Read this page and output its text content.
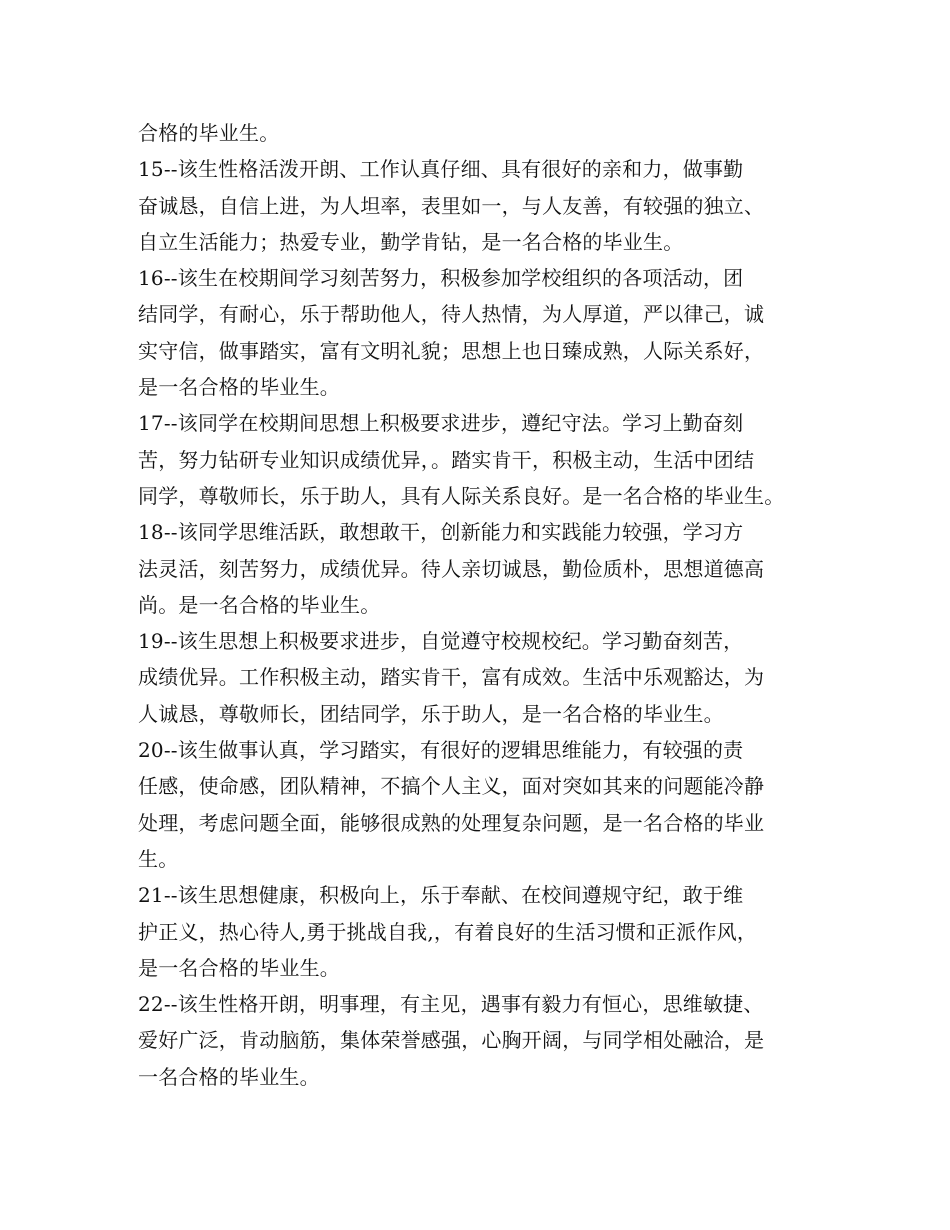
合格的毕业生。
15--该生性格活泼开朗、工作认真仔细、具有很好的亲和力，做事勤
奋诚恳，自信上进，为人坦率，表里如一，与人友善，有较强的独立、
自立生活能力；热爱专业，勤学肯钻，是一名合格的毕业生。
16--该生在校期间学习刻苦努力，积极参加学校组织的各项活动，团
结同学，有耐心，乐于帮助他人，待人热情，为人厚道，严以律己，诚
实守信，做事踏实，富有文明礼貌；思想上也日臻成熟，人际关系好，
是一名合格的毕业生。
17--该同学在校期间思想上积极要求进步，遵纪守法。学习上勤奋刻
苦，努力钻研专业知识成绩优异，。踏实肯干，积极主动，生活中团结
同学，尊敬师长，乐于助人，具有人际关系良好。是一名合格的毕业生。
18--该同学思维活跃，敢想敢干，创新能力和实践能力较强，学习方
法灵活，刻苦努力，成绩优异。待人亲切诚恳，勤俭质朴，思想道德高
尚。是一名合格的毕业生。
19--该生思想上积极要求进步，自觉遵守校规校纪。学习勤奋刻苦，
成绩优异。工作积极主动，踏实肯干，富有成效。生活中乐观豁达，为
人诚恳，尊敬师长，团结同学，乐于助人，是一名合格的毕业生。
20--该生做事认真，学习踏实，有很好的逻辑思维能力，有较强的责
任感，使命感，团队精神，不搞个人主义，面对突如其来的问题能冷静
处理，考虑问题全面，能够很成熟的处理复杂问题，是一名合格的毕业
生。
21--该生思想健康，积极向上，乐于奉献、在校间遵规守纪，敢于维
护正义，热心待人,勇于挑战自我,，有着良好的生活习惯和正派作风，
是一名合格的毕业生。
22--该生性格开朗，明事理，有主见，遇事有毅力有恒心，思维敏捷、
爱好广泛，肯动脑筋，集体荣誉感强，心胸开阔，与同学相处融洽，是
一名合格的毕业生。
